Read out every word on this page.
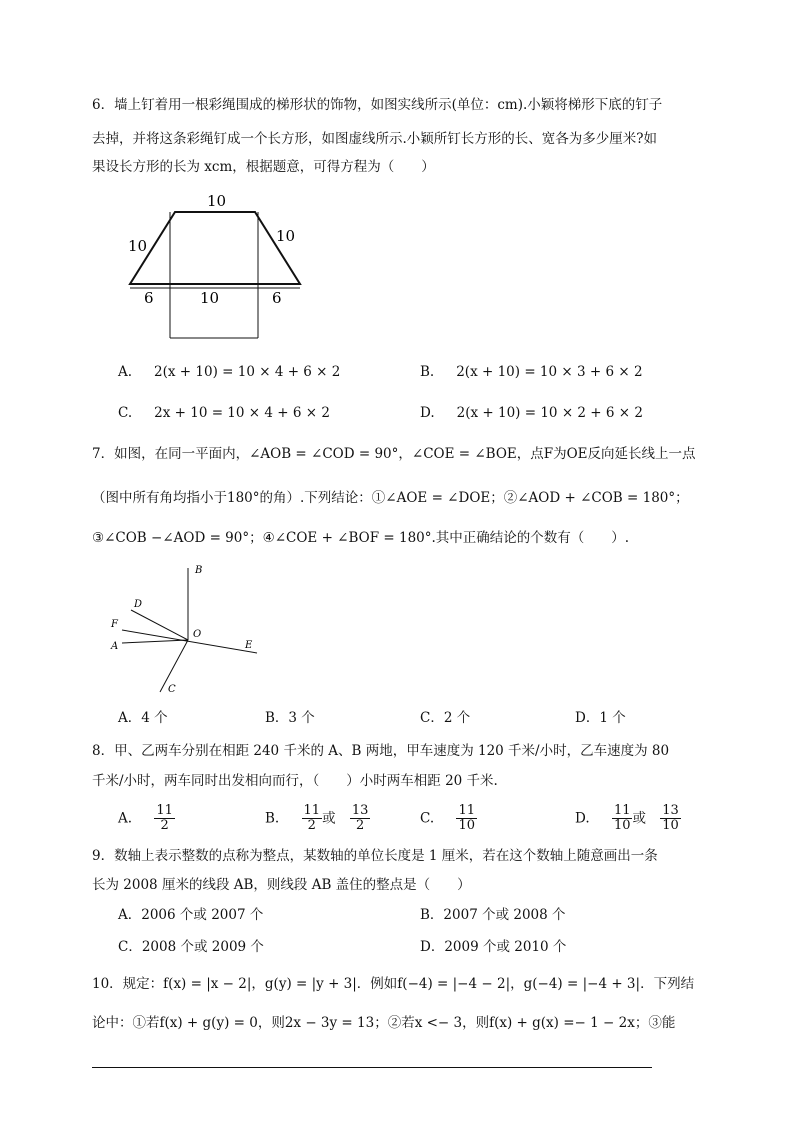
6．墙上钉着用一根彩绳围成的梯形状的饰物，如图实线所示(单位：cm).小颖将梯形下底的钉子
去掉，并将这条彩绳钉成一个长方形，如图虚线所示.小颖所钉长方形的长、宽各为多少厘米?如
果设长方形的长为 xcm，根据题意，可得方程为（　　）
10
10
10
6	10	6
A. 2(x + 10) = 10 × 4 + 6 × 2	B. 2(x + 10) = 10 × 3 + 6 × 2
C. 2x + 10 = 10 × 4 + 6 × 2	D. 2(x + 10) = 10 × 2 + 6 × 2
7．如图，在同一平面内，∠AOB = ∠COD = 90°，∠COE = ∠BOE，点F为OE反向延长线上一点
（图中所有角均指小于180°的角）.下列结论：①∠AOE = ∠DOE；②∠AOD + ∠COB = 180°；
③∠COB −∠AOD = 90°；④∠COE + ∠BOF = 180°.其中正确结论的个数有（　　）.
B
D
F
O
A	E
C
A．4 个	B．3 个	C．2 个	D．1 个
8．甲、乙两车分别在相距 240 千米的 A、B 两地，甲车速度为 120 千米/小时，乙车速度为 80
千米/小时，两车同时出发相向而行，（　　）小时两车相距 20 千米.
A. $\frac{11}{2}$	B. $\frac{11}{2}$ 或 $\frac{13}{2}$	C. $\frac{11}{10}$	D. $\frac{11}{10}$ 或 $\frac{13}{10}$
9．数轴上表示整数的点称为整点，某数轴的单位长度是 1 厘米，若在这个数轴上随意画出一条
长为 2008 厘米的线段 AB，则线段 AB 盖住的整点是（　　）
A．2006 个或 2007 个	B．2007 个或 2008 个
C．2008 个或 2009 个	D．2009 个或 2010 个
10．规定：f(x) = |x − 2|，g(y) = |y + 3|．例如f(−4) = |−4 − 2|，g(−4) = |−4 + 3|．下列结
论中：①若f(x) + g(y) = 0，则2x − 3y = 13；②若x <− 3，则f(x) + g(x) =− 1 − 2x；③能
